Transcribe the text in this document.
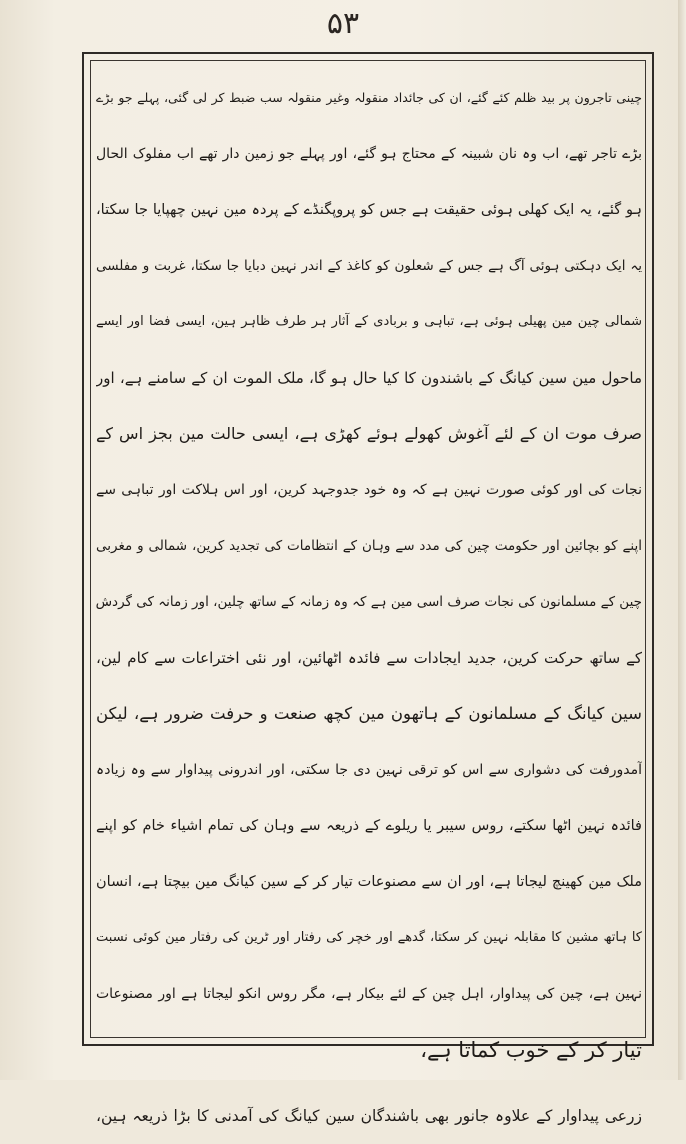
۵۳
چینی تاجرون پر بید ظلم کئے گئے، ان کی جائداد منقولہ وغیر منقولہ سب ضبط کر لی گئی، پہلے جو بڑے
بڑے تاجر تھے، اب وہ نان شبینہ کے محتاج ہو گئے، اور پہلے جو زمین دار تھے اب مفلوک الحال
ہو گئے، یہ ایک کھلی ہوئی حقیقت ہے جس کو پروپگنڈے کے پردہ مین نہین چھپایا جا سکتا،
یہ ایک دہکتی ہوئی آگ ہے جس کے شعلون کو کاغذ کے اندر نہین دبایا جا سکتا، غربت و مفلسی
شمالی چین مین پھیلی ہوئی ہے، تباہی و بربادی کے آثار ہر طرف ظاہر ہین، ایسی فضا اور ایسے
ماحول مین سین کیانگ کے باشندون کا کیا حال ہو گا، ملک الموت ان کے سامنے ہے، اور
صرف موت ان کے لئے آغوش کھولے ہوئے کھڑی ہے، ایسی حالت مین بجز اس کے
نجات کی اور کوئی صورت نہین ہے کہ وہ خود جدوجہد کرین، اور اس ہلاکت اور تباہی سے
اپنے کو بچائین اور حکومت چین کی مدد سے وہان کے انتظامات کی تجدید کرین، شمالی و مغربی
چین کے مسلمانون کی نجات صرف اسی مین ہے کہ وہ زمانہ کے ساتھ چلین، اور زمانہ کی گردش
کے ساتھ حرکت کرین، جدید ایجادات سے فائدہ اٹھائین، اور نئی اختراعات سے کام لین،
سین کیانگ کے مسلمانون کے ہاتھون مین کچھ صنعت و حرفت ضرور ہے، لیکن
آمدورفت کی دشواری سے اس کو ترقی نہین دی جا سکتی، اور اندرونی پیداوار سے وہ زیادہ
فائدہ نہین اٹھا سکتے، روس سیبر یا ریلوے کے ذریعہ سے وہان کی تمام اشیاء خام کو اپنے
ملک مین کھینچ لیجاتا ہے، اور ان سے مصنوعات تیار کر کے سین کیانگ مین بیچتا ہے، انسان
کا ہاتھ مشین کا مقابلہ نہین کر سکتا، گدھے اور خچر کی رفتار اور ٹرین کی رفتار مین کوئی نسبت
نہین ہے، چین کی پیداوار، اہل چین کے لئے بیکار ہے، مگر روس انکو لیجاتا ہے اور مصنوعات
تیار کر کے خوب کماتا ہے،
زرعی پیداوار کے علاوہ جانور بھی باشندگان سین کیانگ کی آمدنی کا بڑا ذریعہ ہین،
